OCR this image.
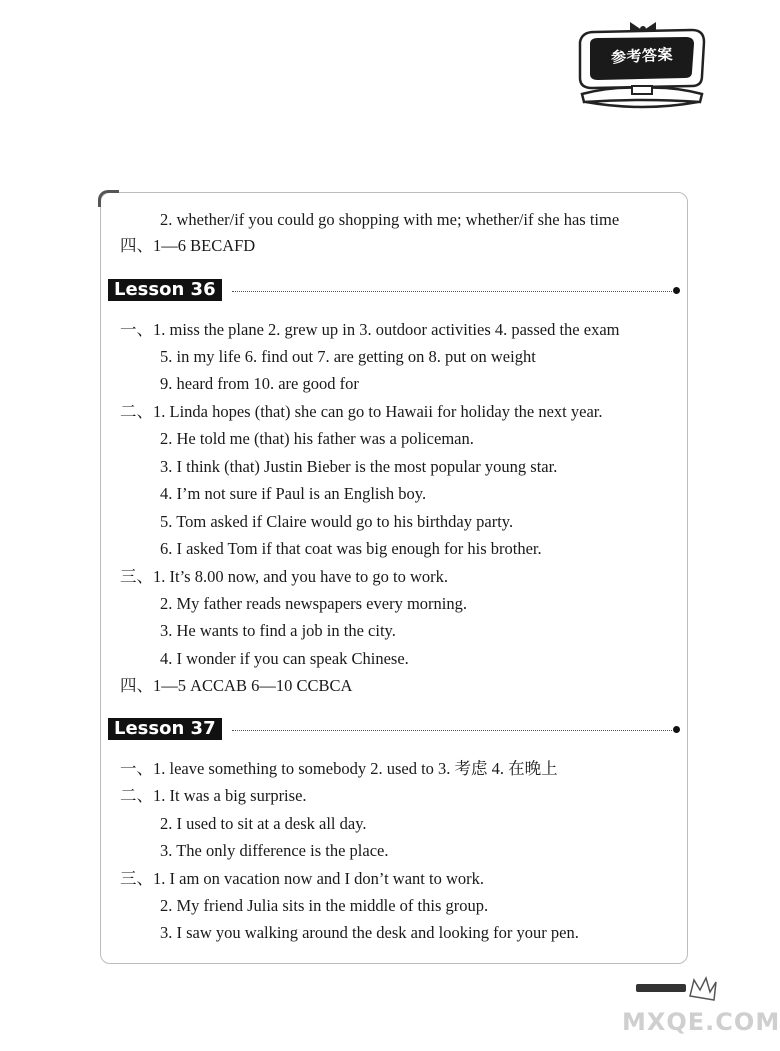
参考答案
2. whether/if you could go shopping with me; whether/if she has time
四、1—6 BECAFD
Lesson 36
一、1. miss the plane 2. grew up in 3. outdoor activities 4. passed the exam
5. in my life 6. find out 7. are getting on 8. put on weight
9. heard from 10. are good for
二、1. Linda hopes (that) she can go to Hawaii for holiday the next year.
2. He told me (that) his father was a policeman.
3. I think (that) Justin Bieber is the most popular young star.
4. I’m not sure if Paul is an English boy.
5. Tom asked if Claire would go to his birthday party.
6. I asked Tom if that coat was big enough for his brother.
三、1. It’s 8.00 now, and you have to go to work.
2. My father reads newspapers every morning.
3. He wants to find a job in the city.
4. I wonder if you can speak Chinese.
四、1—5 ACCAB 6—10 CCBCA
Lesson 37
一、1. leave something to somebody 2. used to 3. 考虑 4. 在晚上
二、1. It was a big surprise.
2. I used to sit at a desk all day.
3. The only difference is the place.
三、1. I am on vacation now and I don’t want to work.
2. My friend Julia sits in the middle of this group.
3. I saw you walking around the desk and looking for your pen.
MXQE.COM
